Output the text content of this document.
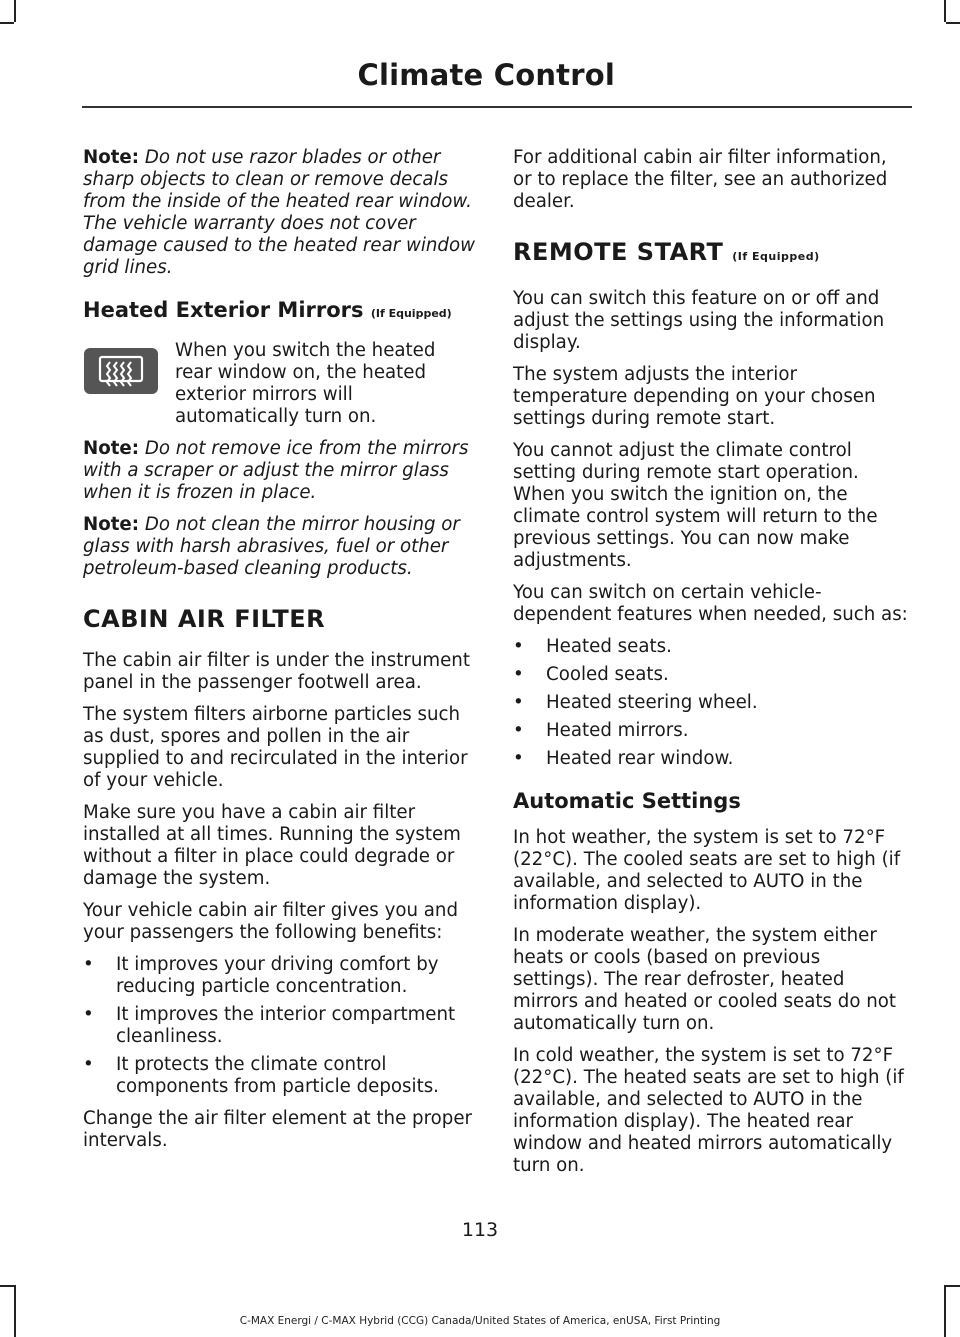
Climate Control

Note: Do not use razor blades or other sharp objects to clean or remove decals from the inside of the heated rear window. The vehicle warranty does not cover damage caused to the heated rear window grid lines.

Heated Exterior Mirrors (If Equipped)

When you switch the heated rear window on, the heated exterior mirrors will automatically turn on.

Note: Do not remove ice from the mirrors with a scraper or adjust the mirror glass when it is frozen in place.

Note: Do not clean the mirror housing or glass with harsh abrasives, fuel or other petroleum-based cleaning products.

CABIN AIR FILTER

The cabin air filter is under the instrument panel in the passenger footwell area.

The system filters airborne particles such as dust, spores and pollen in the air supplied to and recirculated in the interior of your vehicle.

Make sure you have a cabin air filter installed at all times. Running the system without a filter in place could degrade or damage the system.

Your vehicle cabin air filter gives you and your passengers the following benefits:

• It improves your driving comfort by reducing particle concentration.
• It improves the interior compartment cleanliness.
• It protects the climate control components from particle deposits.

Change the air filter element at the proper intervals.

For additional cabin air filter information, or to replace the filter, see an authorized dealer.

REMOTE START (If Equipped)

You can switch this feature on or off and adjust the settings using the information display.

The system adjusts the interior temperature depending on your chosen settings during remote start.

You cannot adjust the climate control setting during remote start operation. When you switch the ignition on, the climate control system will return to the previous settings. You can now make adjustments.

You can switch on certain vehicle-dependent features when needed, such as:

• Heated seats.
• Cooled seats.
• Heated steering wheel.
• Heated mirrors.
• Heated rear window.
Automatic Settings

In hot weather, the system is set to 72°F (22°C). The cooled seats are set to high (if available, and selected to AUTO in the information display).

In moderate weather, the system either heats or cools (based on previous settings). The rear defroster, heated mirrors and heated or cooled seats do not automatically turn on.

In cold weather, the system is set to 72°F (22°C). The heated seats are set to high (if available, and selected to AUTO in the information display). The heated rear window and heated mirrors automatically turn on.

113
C-MAX Energi / C-MAX Hybrid (CCG) Canada/United States of America, enUSA, First Printing
